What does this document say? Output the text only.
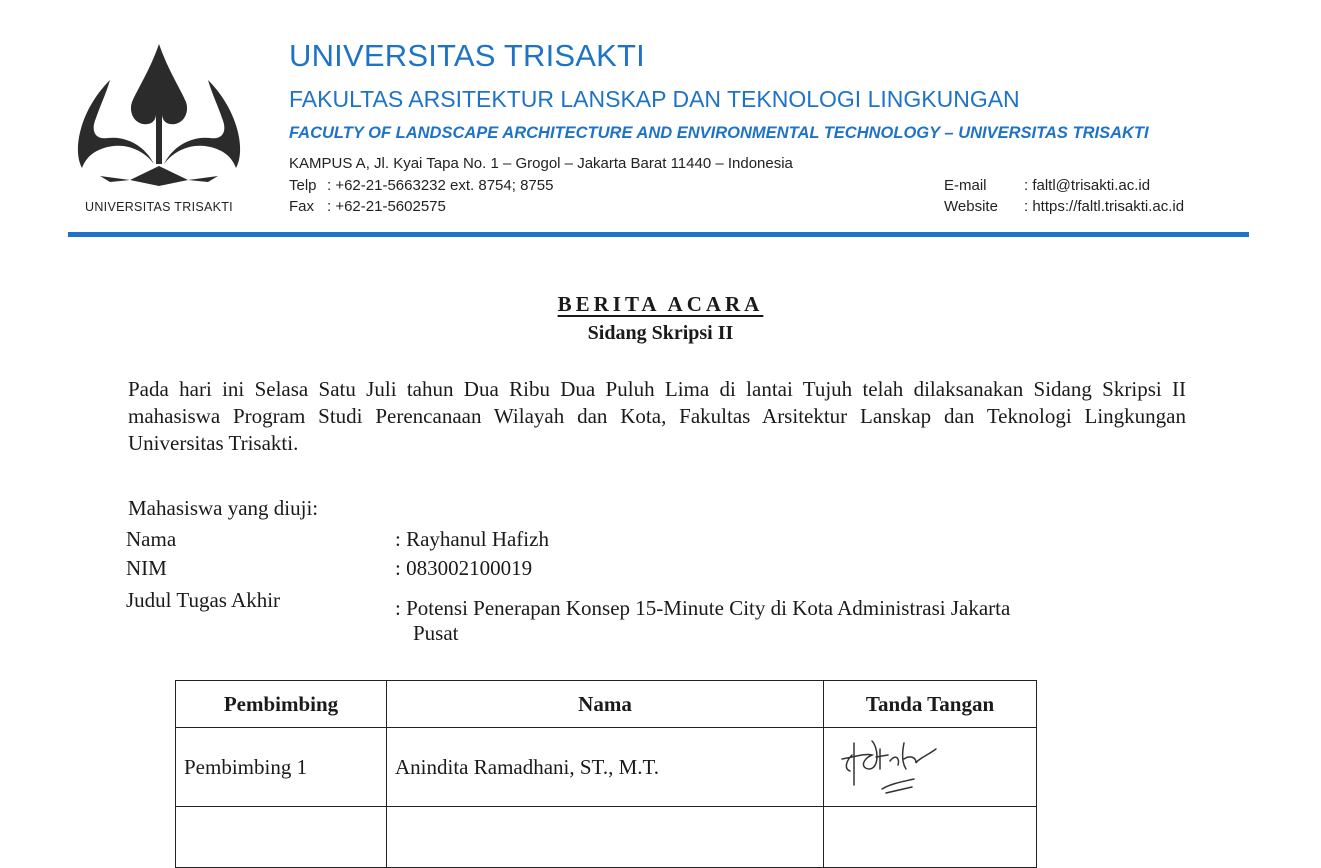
UNIVERSITAS TRISAKTI
UNIVERSITAS TRISAKTI
FAKULTAS ARSITEKTUR LANSKAP DAN TEKNOLOGI LINGKUNGAN
FACULTY OF LANDSCAPE ARCHITECTURE AND ENVIRONMENTAL TECHNOLOGY – UNIVERSITAS TRISAKTI
KAMPUS A, Jl. Kyai Tapa No. 1 – Grogol – Jakarta Barat 11440 – Indonesia
Telp : +62-21-5663232 ext. 8754; 8755
Fax : +62-21-5602575
E-mail : faltl@trisakti.ac.id
Website : https://faltl.trisakti.ac.id
BERITA ACARA
Sidang Skripsi II
Pada hari ini Selasa Satu Juli tahun Dua Ribu Dua Puluh Lima di lantai Tujuh telah dilaksanakan Sidang Skripsi II mahasiswa Program Studi Perencanaan Wilayah dan Kota, Fakultas Arsitektur Lanskap dan Teknologi Lingkungan Universitas Trisakti.
Mahasiswa yang diuji:
Nama	: Rayhanul Hafizh
NIM	: 083002100019
Judul Tugas Akhir	: Potensi Penerapan Konsep 15-Minute City di Kota Administrasi Jakarta
Pusat
Pembimbing	Nama	Tanda Tangan
Pembimbing 1	Anindita Ramadhani, ST., M.T.	
